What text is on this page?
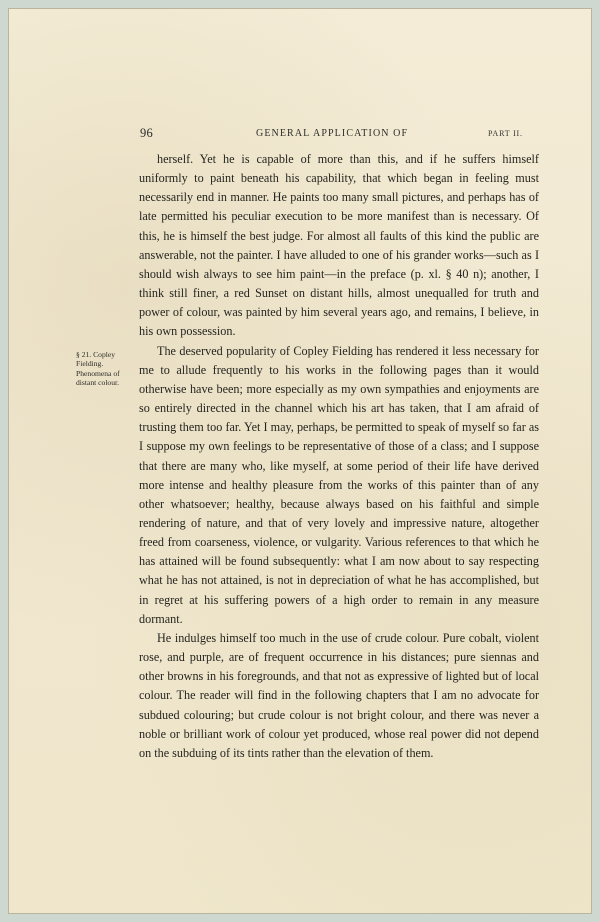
96	GENERAL APPLICATION OF	PART II.
§ 21. Copley Fielding. Phenomena of distant colour.

herself. Yet he is capable of more than this, and if he suffers himself uniformly to paint beneath his capability, that which began in feeling must necessarily end in manner. He paints too many small pictures, and perhaps has of late permitted his peculiar execution to be more manifest than is necessary. Of this, he is himself the best judge. For almost all faults of this kind the public are answerable, not the painter. I have alluded to one of his grander works—such as I should wish always to see him paint—in the preface (p. xl. § 40 n); another, I think still finer, a red Sunset on distant hills, almost unequalled for truth and power of colour, was painted by him several years ago, and remains, I believe, in his own possession.

The deserved popularity of Copley Fielding has rendered it less necessary for me to allude frequently to his works in the following pages than it would otherwise have been; more especially as my own sympathies and enjoyments are so entirely directed in the channel which his art has taken, that I am afraid of trusting them too far. Yet I may, perhaps, be permitted to speak of myself so far as I suppose my own feelings to be representative of those of a class; and I suppose that there are many who, like myself, at some period of their life have derived more intense and healthy pleasure from the works of this painter than of any other whatsoever; healthy, because always based on his faithful and simple rendering of nature, and that of very lovely and impressive nature, altogether freed from coarseness, violence, or vulgarity. Various references to that which he has attained will be found subsequently: what I am now about to say respecting what he has not attained, is not in depreciation of what he has accomplished, but in regret at his suffering powers of a high order to remain in any measure dormant.

He indulges himself too much in the use of crude colour. Pure cobalt, violent rose, and purple, are of frequent occurrence in his distances; pure siennas and other browns in his foregrounds, and that not as expressive of lighted but of local colour. The reader will find in the following chapters that I am no advocate for subdued colouring; but crude colour is not bright colour, and there was never a noble or brilliant work of colour yet produced, whose real power did not depend on the subduing of its tints rather than the elevation of them.
